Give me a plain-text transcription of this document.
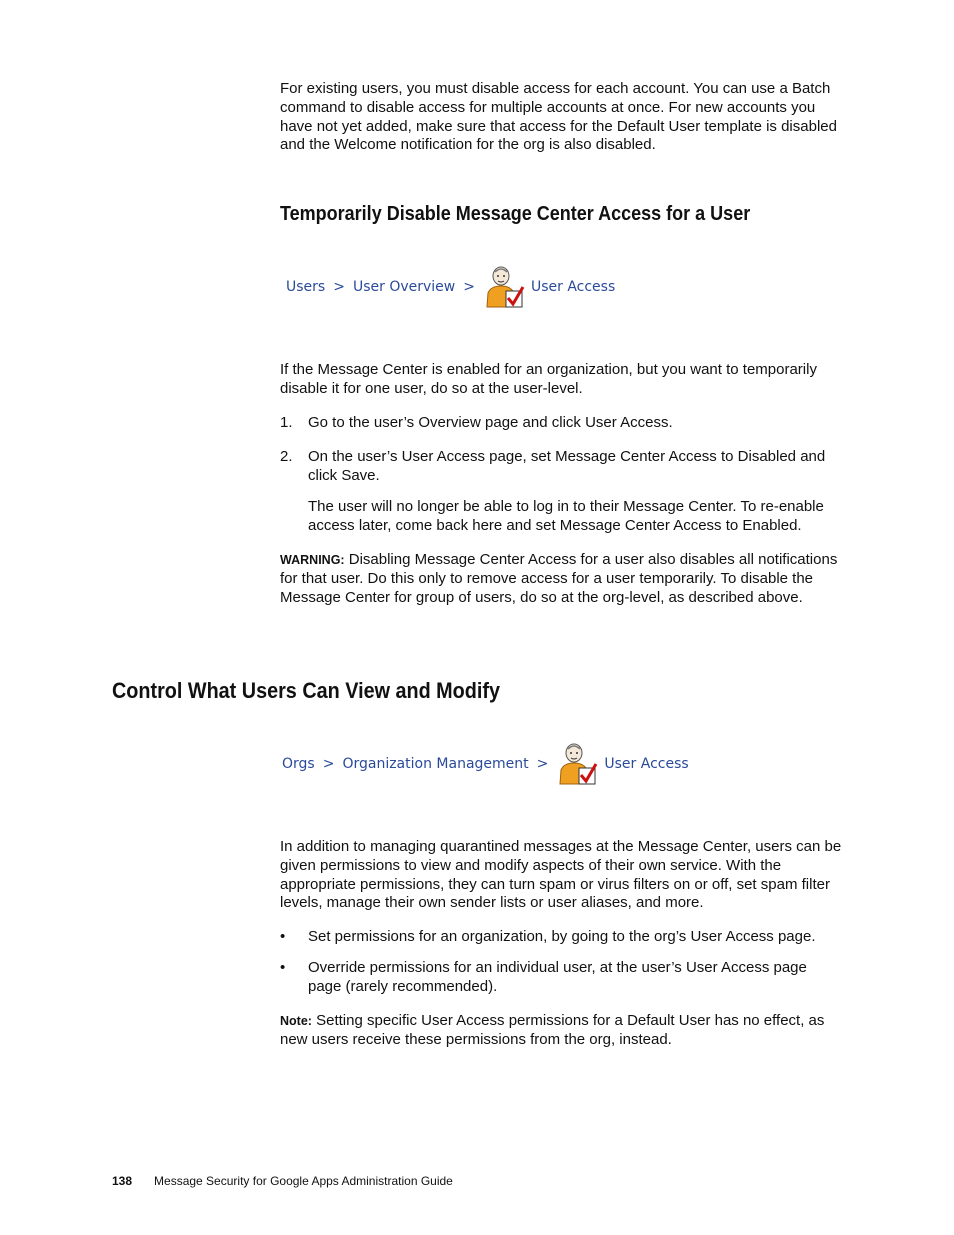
For existing users, you must disable access for each account. You can use a Batch command to disable access for multiple accounts at once. For new accounts you have not yet added, make sure that access for the Default User template is disabled and the Welcome notification for the org is also disabled.

Temporarily Disable Message Center Access for a User
Users > User Overview >	User Access

If the Message Center is enabled for an organization, but you want to temporarily disable it for one user, do so at the user-level.

1. Go to the user’s Overview page and click User Access.
2. On the user’s User Access page, set Message Center Access to Disabled and click Save.

The user will no longer be able to log in to their Message Center. To re-enable access later, come back here and set Message Center Access to Enabled.

WARNING: Disabling Message Center Access for a user also disables all notifications for that user. Do this only to remove access for a user temporarily. To disable the Message Center for group of users, do so at the org-level, as described above.

Control What Users Can View and Modify
Orgs > Organization Management >	User Access

In addition to managing quarantined messages at the Message Center, users can be given permissions to view and modify aspects of their own service. With the appropriate permissions, they can turn spam or virus filters on or off, set spam filter levels, manage their own sender lists or user aliases, and more.

• Set permissions for an organization, by going to the org’s User Access page.
• Override permissions for an individual user, at the user’s User Access page page (rarely recommended).

Note: Setting specific User Access permissions for a Default User has no effect, as new users receive these permissions from the org, instead.

138 Message Security for Google Apps Administration Guide
